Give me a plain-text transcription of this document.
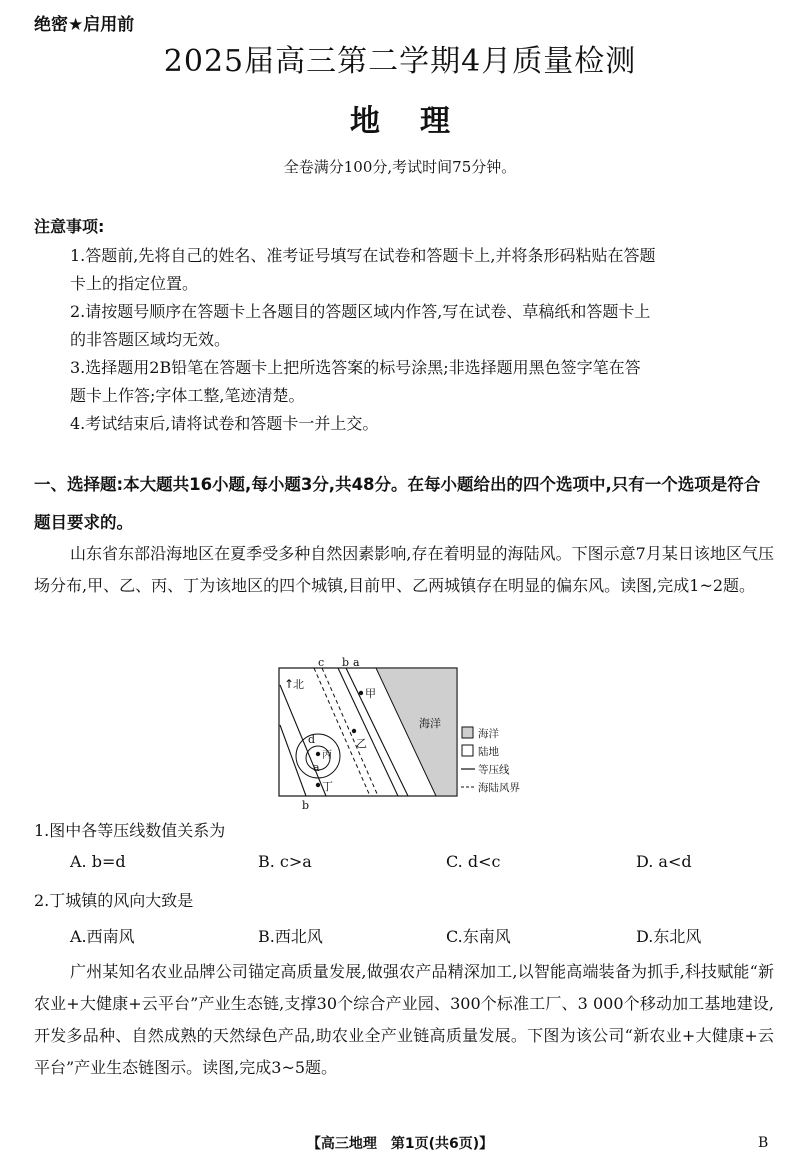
绝密★启用前
2025届高三第二学期4月质量检测
地理
全卷满分100分,考试时间75分钟。
注意事项:
1.答题前,先将自己的姓名、准考证号填写在试卷和答题卡上,并将条形码粘贴在答题
卡上的指定位置。
2.请按题号顺序在答题卡上各题目的答题区域内作答,写在试卷、草稿纸和答题卡上
的非答题区域均无效。
3.选择题用2B铅笔在答题卡上把所选答案的标号涂黑;非选择题用黑色签字笔在答
题卡上作答;字体工整,笔迹清楚。
4.考试结束后,请将试卷和答题卡一并上交。
一、选择题:本大题共16小题,每小题3分,共48分。在每小题给出的四个选项中,只有一个选项是符合题目要求的。
山东省东部沿海地区在夏季受多种自然因素影响,存在着明显的海陆风。下图示意7月某日该地区气压场分布,甲、乙、丙、丁为该地区的四个城镇,目前甲、乙两城镇存在明显的偏东风。读图,完成1~2题。
↑
北
c b a
b
d
a
甲
乙
丙
丁
海洋
海洋
陆地
等压线
海陆风界
1.图中各等压线数值关系为
A. b=d	B. c>a	C. d<c	D. a<d
2.丁城镇的风向大致是
A.西南风	B.西北风	C.东南风	D.东北风
广州某知名农业品牌公司锚定高质量发展,做强农产品精深加工,以智能高端装备为抓手,科技赋能“新农业+大健康+云平台”产业生态链,支撑30个综合产业园、300个标准工厂、3 000个移动加工基地建设,开发多品种、自然成熟的天然绿色产品,助农业全产业链高质量发展。下图为该公司“新农业+大健康+云平台”产业生态链图示。读图,完成3~5题。
【高三地理　第1页(共6页)】	B
